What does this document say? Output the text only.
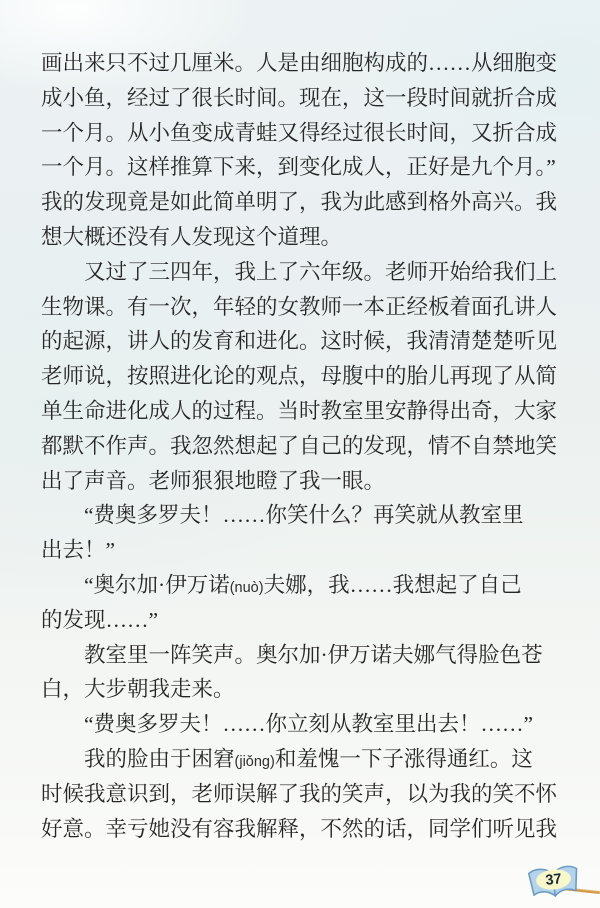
画出来只不过几厘米。人是由细胞构成的……从细胞变
成小鱼，经过了很长时间。现在，这一段时间就折合成
一个月。从小鱼变成青蛙又得经过很长时间，又折合成
一个月。这样推算下来，到变化成人，正好是九个月。”
我的发现竟是如此简单明了，我为此感到格外高兴。我
想大概还没有人发现这个道理。
　　又过了三四年，我上了六年级。老师开始给我们上
生物课。有一次，年轻的女教师一本正经板着面孔讲人
的起源，讲人的发育和进化。这时候，我清清楚楚听见
老师说，按照进化论的观点，母腹中的胎儿再现了从简
单生命进化成人的过程。当时教室里安静得出奇，大家
都默不作声。我忽然想起了自己的发现，情不自禁地笑
出了声音。老师狠狠地瞪了我一眼。
　　“费奥多罗夫！……你笑什么？再笑就从教室里
出去！”
　　“奥尔加·伊万诺(nuò)夫娜，我……我想起了自己
的发现……”
　　教室里一阵笑声。奥尔加·伊万诺夫娜气得脸色苍
白，大步朝我走来。
　　“费奥多罗夫！……你立刻从教室里出去！……”
　　我的脸由于困窘(jiǒng)和羞愧一下子涨得通红。这
时候我意识到，老师误解了我的笑声，以为我的笑不怀
好意。幸亏她没有容我解释，不然的话，同学们听见我
37
